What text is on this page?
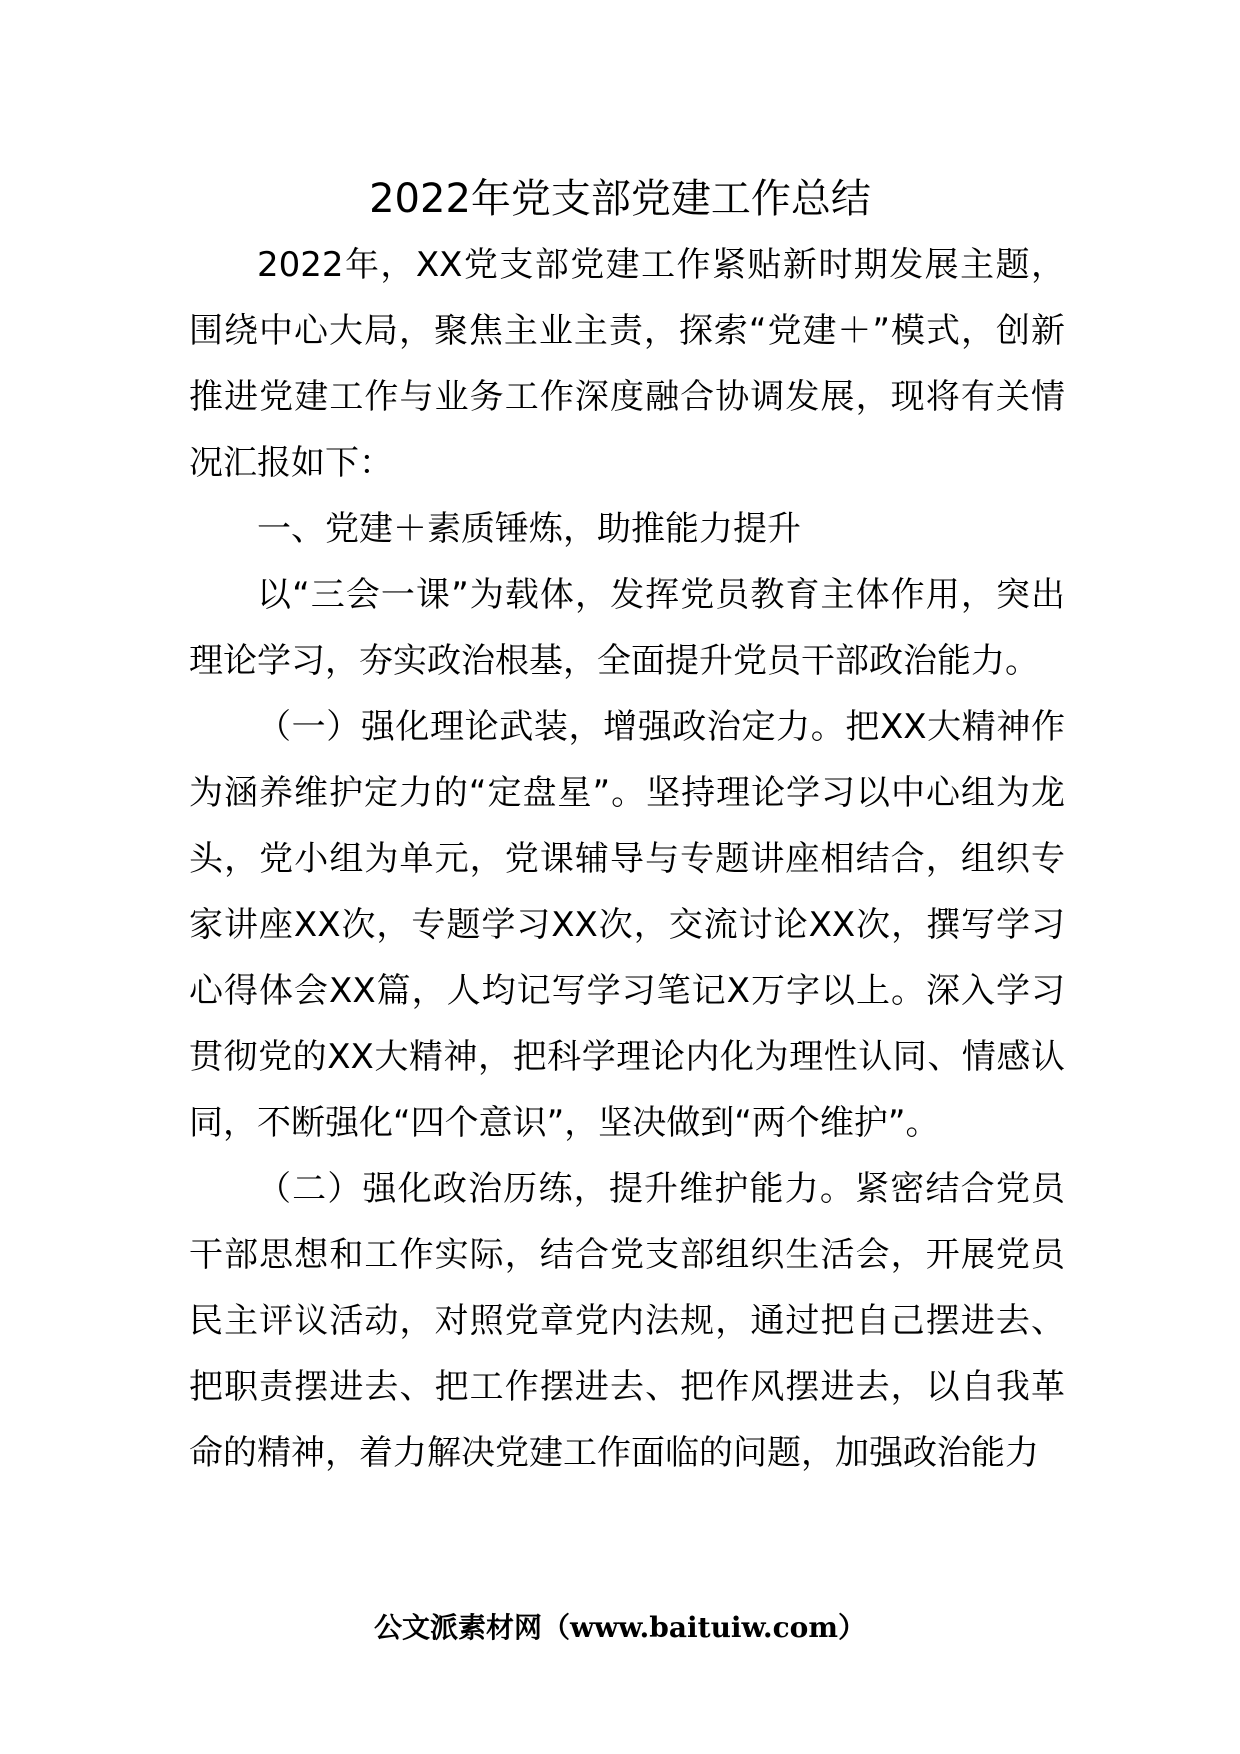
2022年党支部党建工作总结

2022年，XX党支部党建工作紧贴新时期发展主题，围绕中心大局，聚焦主业主责，探索“党建＋”模式，创新推进党建工作与业务工作深度融合协调发展，现将有关情况汇报如下：

一、党建＋素质锤炼，助推能力提升

以“三会一课”为载体，发挥党员教育主体作用，突出理论学习，夯实政治根基，全面提升党员干部政治能力。

（一）强化理论武装，增强政治定力。把XX大精神作为涵养维护定力的“定盘星”。坚持理论学习以中心组为龙头，党小组为单元，党课辅导与专题讲座相结合，组织专家讲座XX次，专题学习XX次，交流讨论XX次，撰写学习心得体会XX篇，人均记写学习笔记X万字以上。深入学习贯彻党的XX大精神，把科学理论内化为理性认同、情感认同，不断强化“四个意识”，坚决做到“两个维护”。

（二）强化政治历练，提升维护能力。紧密结合党员干部思想和工作实际，结合党支部组织生活会，开展党员民主评议活动，对照党章党内法规，通过把自己摆进去、把职责摆进去、把工作摆进去、把作风摆进去，以自我革命的精神，着力解决党建工作面临的问题，加强政治能力

公文派素材网（www.baituiw.com）
